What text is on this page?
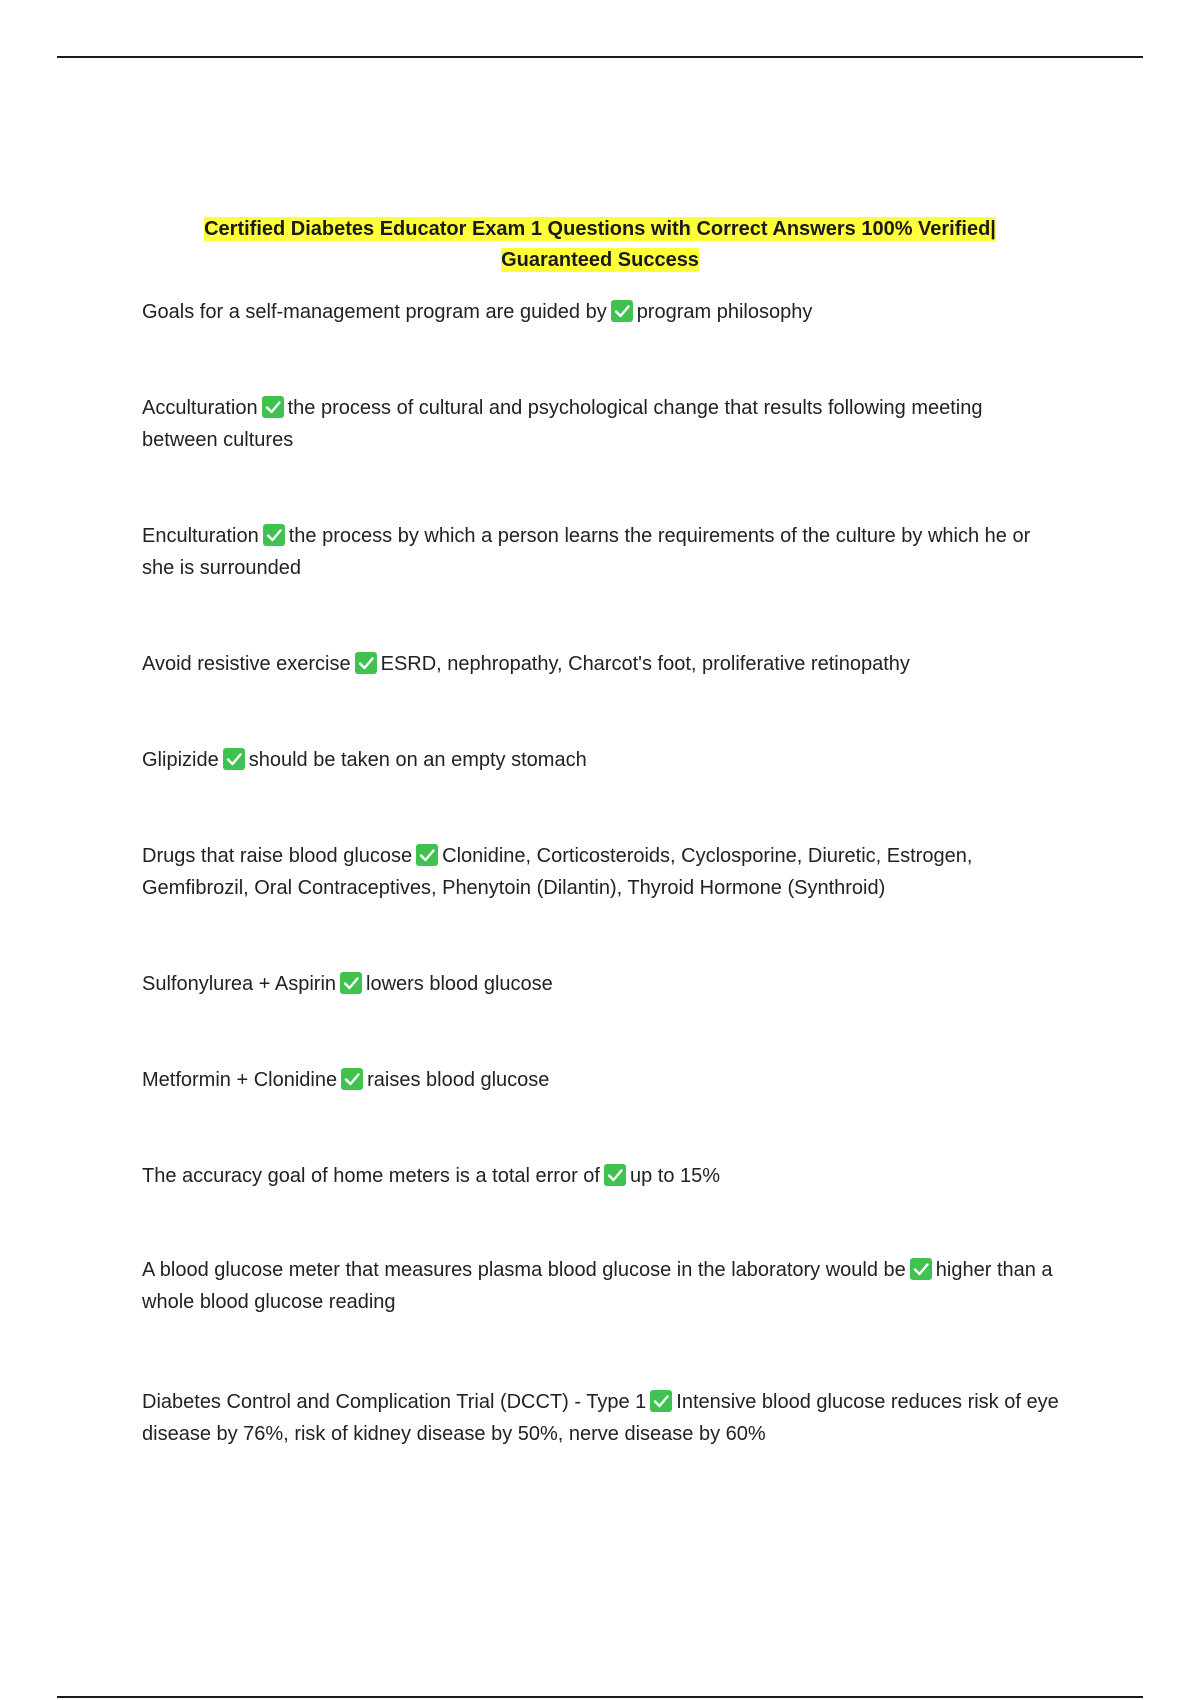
Certified Diabetes Educator Exam 1 Questions with Correct Answers 100% Verified|
Guaranteed Success
Goals for a self-management program are guided by program philosophy
Acculturation the process of cultural and psychological change that results following meeting between cultures
Enculturation the process by which a person learns the requirements of the culture by which he or she is surrounded
Avoid resistive exercise ESRD, nephropathy, Charcot's foot, proliferative retinopathy
Glipizide should be taken on an empty stomach
Drugs that raise blood glucose Clonidine, Corticosteroids, Cyclosporine, Diuretic, Estrogen, Gemfibrozil, Oral Contraceptives, Phenytoin (Dilantin), Thyroid Hormone (Synthroid)
Sulfonylurea + Aspirin lowers blood glucose
Metformin + Clonidine raises blood glucose
The accuracy goal of home meters is a total error of up to 15%
A blood glucose meter that measures plasma blood glucose in the laboratory would be higher than a whole blood glucose reading
Diabetes Control and Complication Trial (DCCT) - Type 1 Intensive blood glucose reduces risk of eye disease by 76%, risk of kidney disease by 50%, nerve disease by 60%
